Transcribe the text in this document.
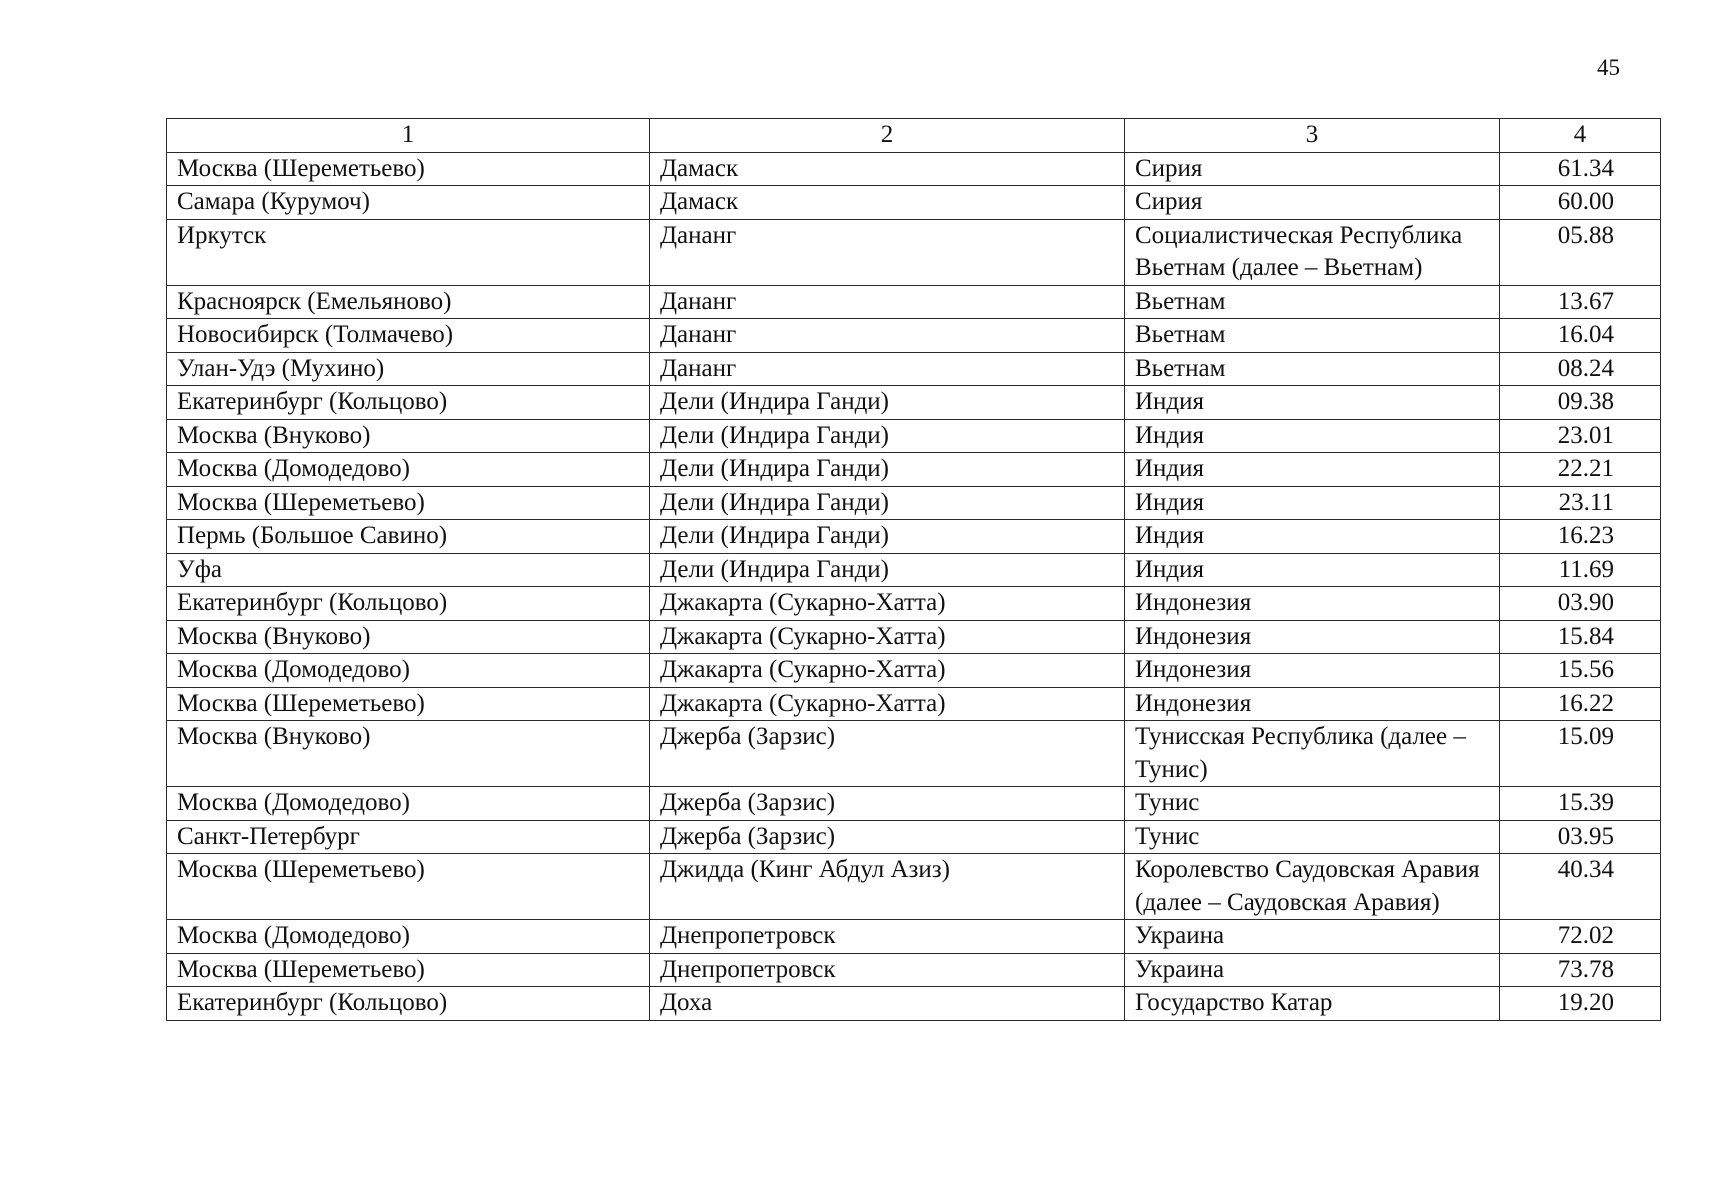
45
1	2	3	4
Москва (Шереметьево)	Дамаск	Сирия	61.34
Самара (Курумоч)	Дамаск	Сирия	60.00
Иркутск	Дананг	Социалистическая Республика Вьетнам (далее – Вьетнам)	05.88
Красноярск (Емельяново)	Дананг	Вьетнам	13.67
Новосибирск (Толмачево)	Дананг	Вьетнам	16.04
Улан-Удэ (Мухино)	Дананг	Вьетнам	08.24
Екатеринбург (Кольцово)	Дели (Индира Ганди)	Индия	09.38
Москва (Внуково)	Дели (Индира Ганди)	Индия	23.01
Москва (Домодедово)	Дели (Индира Ганди)	Индия	22.21
Москва (Шереметьево)	Дели (Индира Ганди)	Индия	23.11
Пермь (Большое Савино)	Дели (Индира Ганди)	Индия	16.23
Уфа	Дели (Индира Ганди)	Индия	11.69
Екатеринбург (Кольцово)	Джакарта (Сукарно-Хатта)	Индонезия	03.90
Москва (Внуково)	Джакарта (Сукарно-Хатта)	Индонезия	15.84
Москва (Домодедово)	Джакарта (Сукарно-Хатта)	Индонезия	15.56
Москва (Шереметьево)	Джакарта (Сукарно-Хатта)	Индонезия	16.22
Москва (Внуково)	Джерба (Зарзис)	Тунисская Республика (далее – Тунис)	15.09
Москва (Домодедово)	Джерба (Зарзис)	Тунис	15.39
Санкт-Петербург	Джерба (Зарзис)	Тунис	03.95
Москва (Шереметьево)	Джидда (Кинг Абдул Азиз)	Королевство Саудовская Аравия (далее – Саудовская Аравия)	40.34
Москва (Домодедово)	Днепропетровск	Украина	72.02
Москва (Шереметьево)	Днепропетровск	Украина	73.78
Екатеринбург (Кольцово)	Доха	Государство Катар	19.20
